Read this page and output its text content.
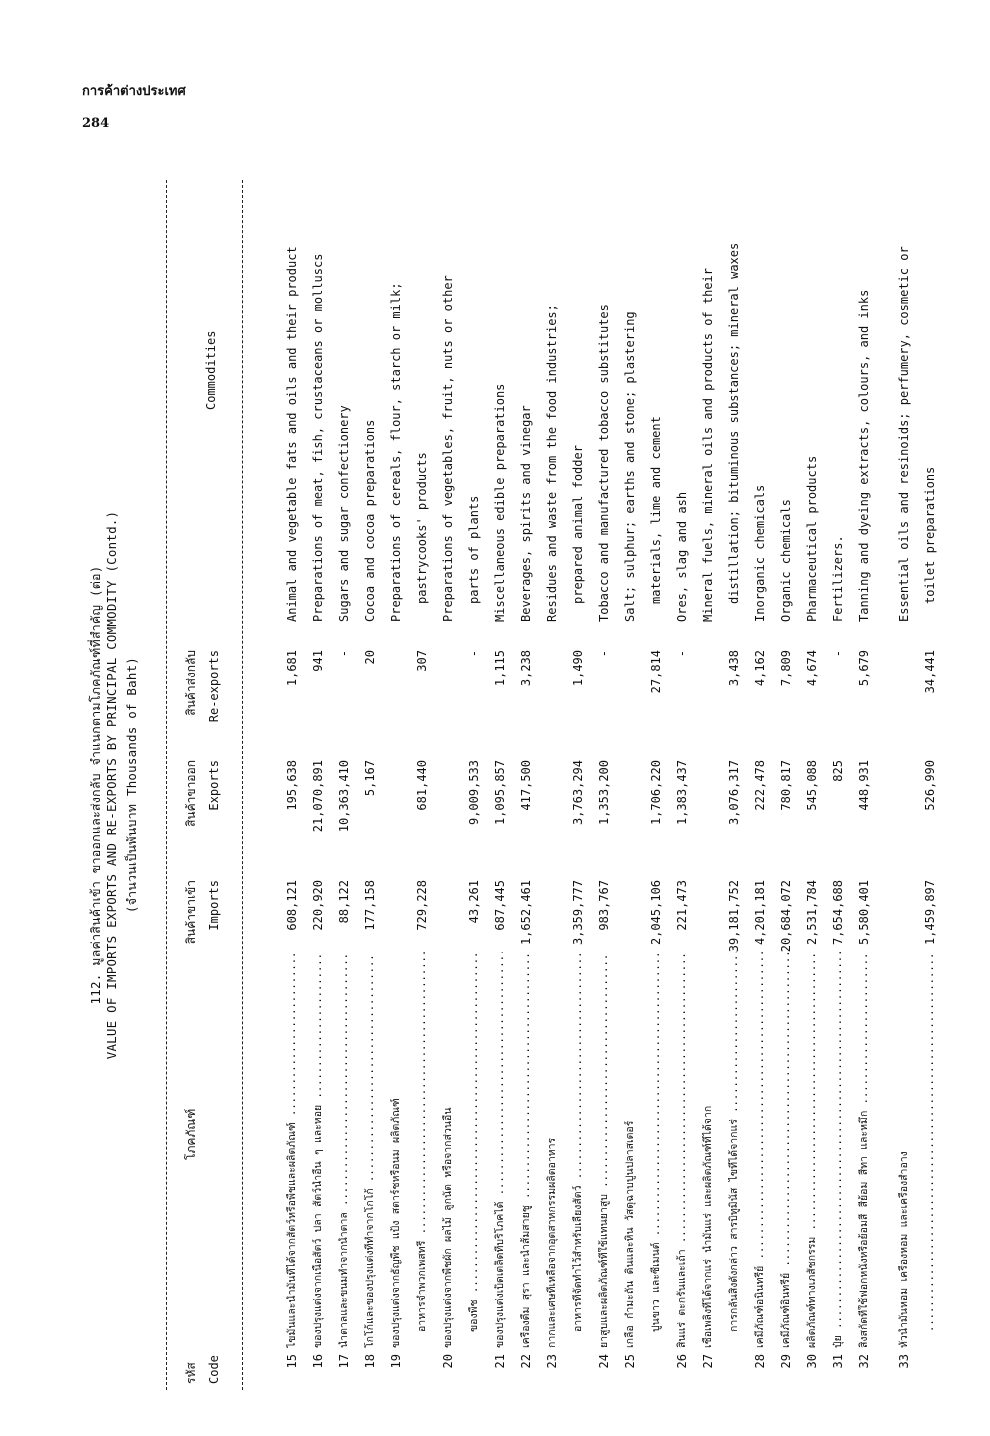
การค้าต่างประเทศ
284
112. มูลค่าสินค้าเข้า ขาออกและส่งกลับ จำแนกตามโภคภัณฑ์ที่สำคัญ (ต่อ) VALUE OF IMPORTS EXPORTS AND RE-EXPORTS BY PRINCIPAL COMMODITY (Contd.) (จำนวนเป็นพันบาท Thousands of Baht)
รหัส Code
โภคภัณฑ์
สินค้าขาเข้า Imports
สินค้าขาออก Exports
สินค้าส่งกลับ Re-exports
Commodities
15
ไขมันและน้ำมันที่ได้จากสัตว์หรือพืชและผลิตภัณฑ์ .....
608,121
195,638
1,681
Animal and vegetable fats and oils and their product
16
ของปรุงแต่งจากเนื้อสัตว์ ปลา สัตว์น้ำอื่น ๆ และหอย .....
220,920
21,070,891
941
Preparations of meat, fish, crustaceans or molluscs
17
น้ำตาลและขนมทำจากน้ำตาล .....
88,122
10,363,410
-
Sugars and sugar confectionery
18
โกโก้และของปรุงแต่งที่ทำจากโกโก้ .....
177,158
5,167
20
Cocoa and cocoa preparations
19
ของปรุงแต่งจากธัญพืช แป้ง สตาร์ชหรือนม ผลิตภัณฑ์
Preparations of cereals, flour, starch or milk;
อาหารจำพวกเพสทรี .....
729,228
681,440
307
pastrycooks' products
20
ของปรุงแต่งจากพืชผัก ผลไม้ ลูกนัต หรือจากส่วนอื่น
Preparations of vegetables, fruit, nuts or other
ของพืช .....
43,261
9,009,533
-
parts of plants
21
ของปรุงแต่งเบ็ดเตล็ดที่บริโภคได้ .....
687,445
1,095,857
1,115
Miscellaneous edible preparations
22
เครื่องดื่ม สุรา และน้ำส้มสายชู .....
1,652,461
417,500
3,238
Beverages, spirits and vinegar
23
กากและเศษที่เหลือจากอุตสาหกรรมผลิตอาหาร
Residues and waste from the food industries;
อาหารที่จัดทำไว้สำหรับเลี้ยงสัตว์ .....
3,359,777
3,763,294
1,490
prepared animal fodder
24
ยาสูบและผลิตภัณฑ์ที่ใช้แทนยาสูบ .....
983,767
1,353,200
-
Tobacco and manufactured tobacco substitutes
25
เกลือ กำมะถัน ดินและหิน วัสดุฉาบปูนปลาสเตอร์
Salt; sulphur; earths and stone; plastering
ปูนขาว และซีเมนต์ .....
2,045,106
1,706,220
27,814
materials, lime and cement
26
สินแร่ ตะกรันและเถ้า .....
221,473
1,383,437
-
Ores, slag and ash
27
เชื้อเพลิงที่ได้จากแร่ น้ำมันแร่ และผลิตภัณฑ์ที่ได้จาก
Mineral fuels, mineral oils and products of their
การกลั่นสิ่งดังกล่าว สารบิทูมินัส ไขที่ได้จากแร่ .....
39,181,752
3,076,317
3,438
distillation; bituminous substances; mineral waxes
28
เคมีภัณฑ์อนินทรีย์ .....
4,201,181
222,478
4,162
Inorganic chemicals
29
เคมีภัณฑ์อินทรีย์ .....
20,684,072
780,817
7,809
Organic chemicals
30
ผลิตภัณฑ์ทางเภสัชกรรม .....
2,531,784
545,088
4,674
Pharmaceutical products
31
ปุ๋ย .....
7,654,688
825
-
Fertilizers.
32
สิ่งสกัดที่ใช้ฟอกหนังหรือย้อมสี สีย้อม สีทา และหมึก .....
5,580,401
448,931
5,679
Tanning and dyeing extracts, colours, and inks
33
หัวน้ำมันหอม เครื่องหอม และเครื่องสำอาง
Essential oils and resinoids; perfumery, cosmetic or
.....
1,459,897
526,990
34,441
toilet preparations
